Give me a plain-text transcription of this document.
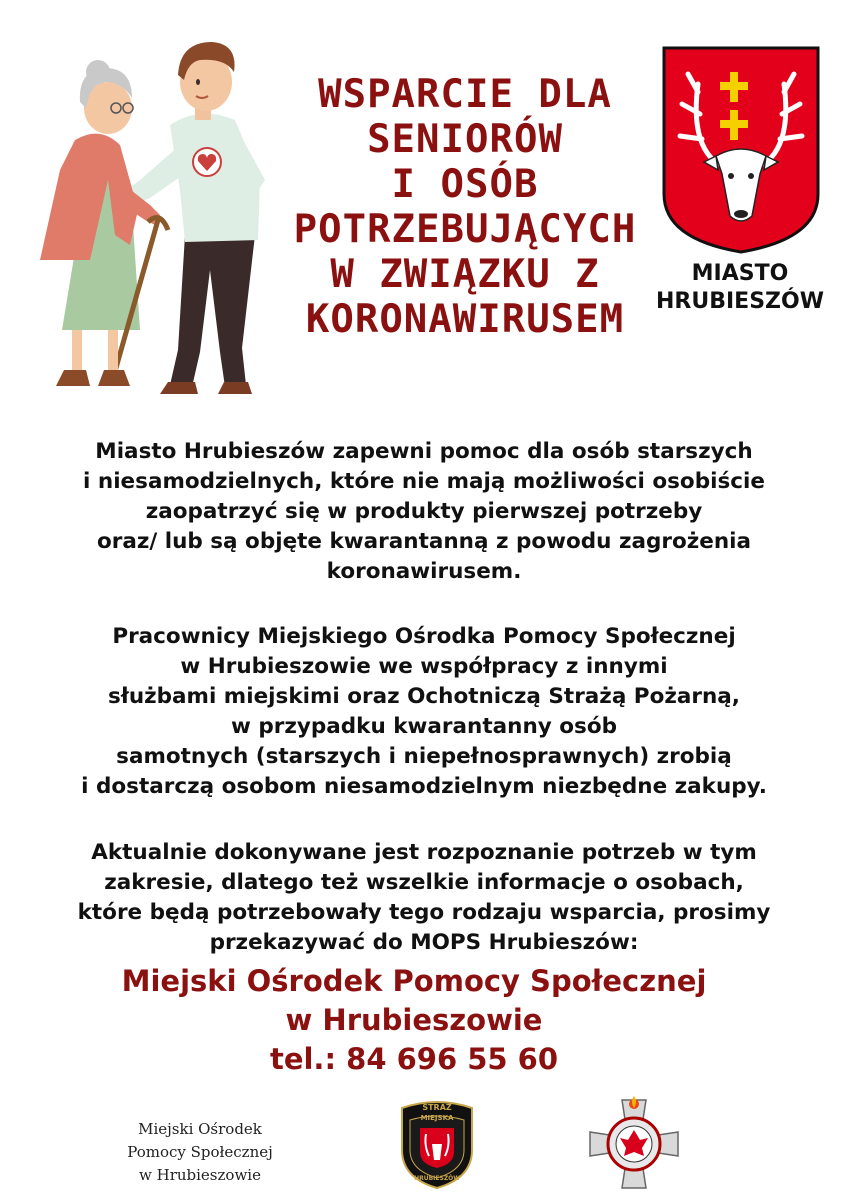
WSPARCIE DLA
SENIORÓW
I OSÓB
POTRZEBUJĄCYCH
W ZWIĄZKU Z
KORONAWIRUSEM
MIASTO
HRUBIESZÓW
Miasto Hrubieszów zapewni pomoc dla osób starszych
i niesamodzielnych, które nie mają możliwości osobiście
zaopatrzyć się w produkty pierwszej potrzeby
oraz/ lub są objęte kwarantanną z powodu zagrożenia
koronawirusem.
Pracownicy Miejskiego Ośrodka Pomocy Społecznej
w Hrubieszowie we współpracy z innymi
służbami miejskimi oraz Ochotniczą Strażą Pożarną,
w przypadku kwarantanny osób
samotnych (starszych i niepełnosprawnych) zrobią
i dostarczą osobom niesamodzielnym niezbędne zakupy.
Aktualnie dokonywane jest rozpoznanie potrzeb w tym
zakresie, dlatego też wszelkie informacje o osobach,
które będą potrzebowały tego rodzaju wsparcia, prosimy
przekazywać do MOPS Hrubieszów:
Miejski Ośrodek Pomocy Społecznej
w Hrubieszowie
tel.: 84 696 55 60
Miejski Ośrodek
Pomocy Społecznej
w Hrubieszowie
STRAŻ
MIEJSKA
HRUBIESZÓW
